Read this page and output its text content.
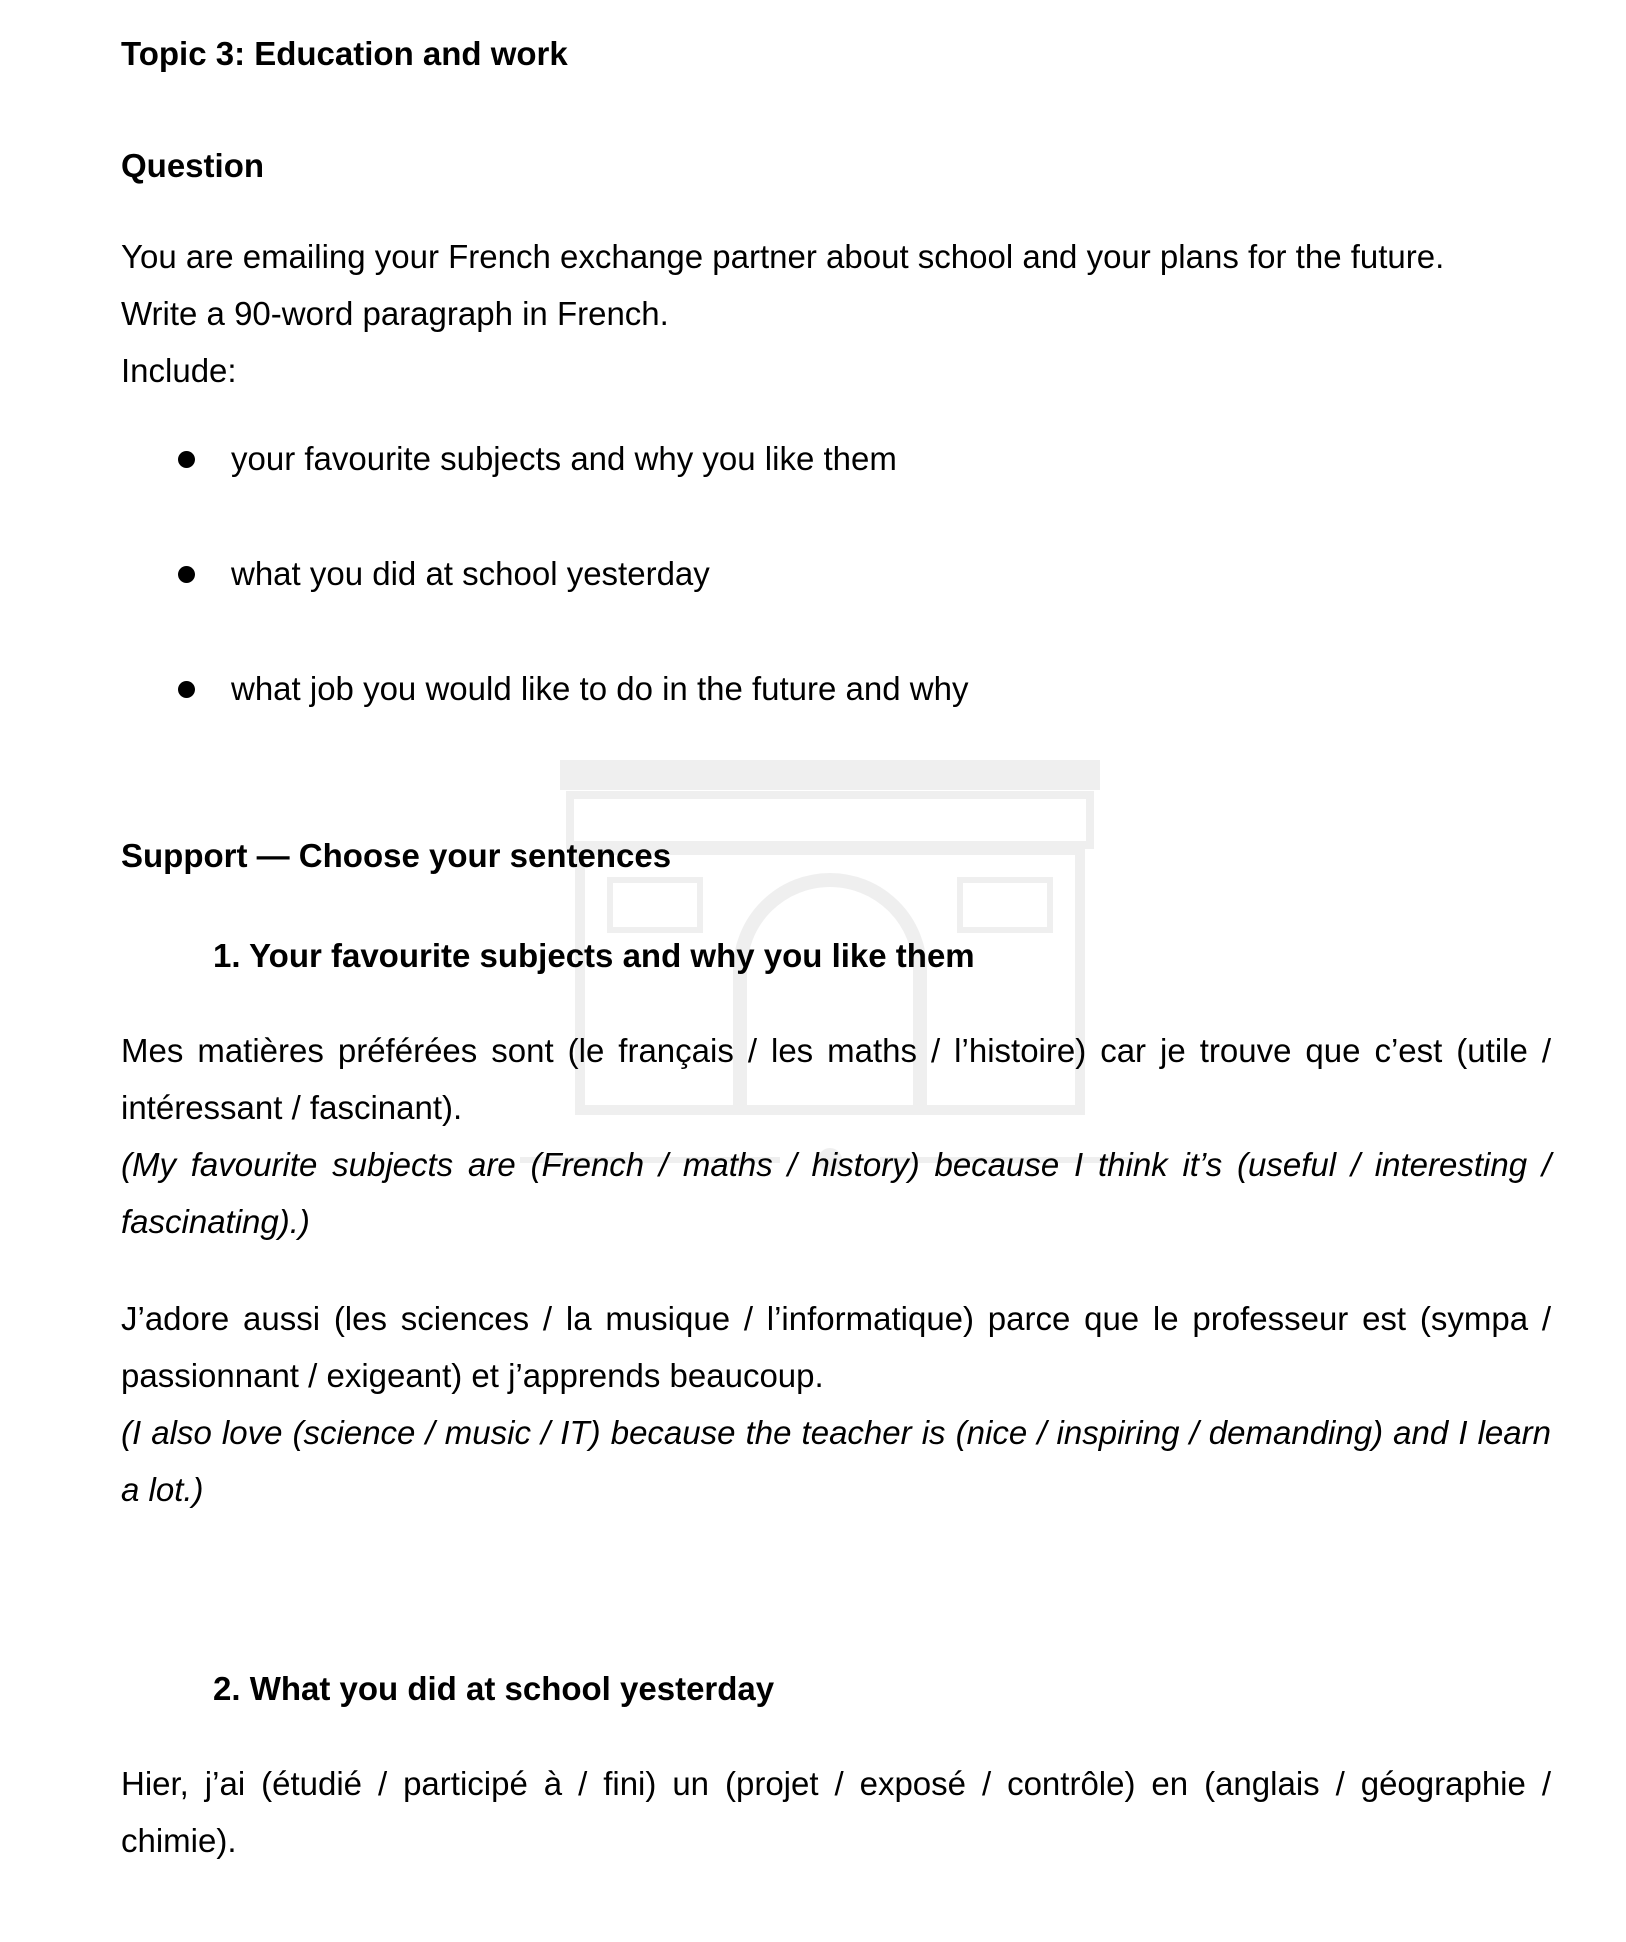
Topic 3: Education and work
Question

You are emailing your French exchange partner about school and your plans for the future.

Write a 90-word paragraph in French.

Include:

your favourite subjects and why you like them
what you did at school yesterday
what job you would like to do in the future and why
Support — Choose your sentences
1. Your favourite subjects and why you like them

Mes matières préférées sont (le français / les maths / l’histoire) car je trouve que c’est (utile / intéressant / fascinant).

(My favourite subjects are (French / maths / history) because I think it’s (useful / interesting / fascinating).)

J’adore aussi (les sciences / la musique / l’informatique) parce que le professeur est (sympa / passionnant / exigeant) et j’apprends beaucoup.

(I also love (science / music / IT) because the teacher is (nice / inspiring / demanding) and I learn a lot.)

2. What you did at school yesterday

Hier, j’ai (étudié / participé à / fini) un (projet / exposé / contrôle) en (anglais / géographie / chimie).
